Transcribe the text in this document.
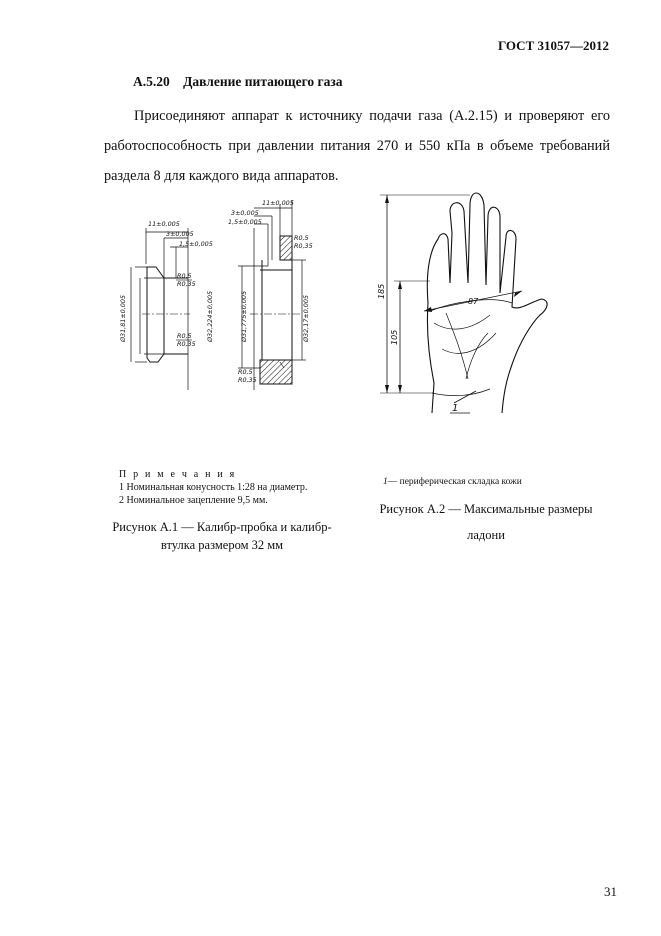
ГОСТ 31057—2012
А.5.20 Давление питающего газа
Присоединяют аппарат к источнику подачи газа (А.2.15) и проверяют его работоспособность при давлении питания 270 и 550 кПа в объеме требований раздела 8 для каждого вида аппаратов.
11±0,005
3±0,005
1,5±0,005
R0,5
R0,35
R0,5
R0,35
Ø31,81±0,005	Ø32,224±0,005
11±0,005
3±0,005
1,5±0,005
R0,5
R0,35
R0,5
R0,35
Ø31,775±0,005	Ø32,17±0,005
185
105
87
1
П р и м е ч а н и я
1 Номинальная конусность 1:28 на диаметр.
2 Номинальное зацепление 9,5 мм.
Рисунок А.1 — Калибр-пробка и калибр-
втулка размером 32 мм
1— периферическая складка кожи
Рисунок А.2 — Максимальные размеры
ладони
31
